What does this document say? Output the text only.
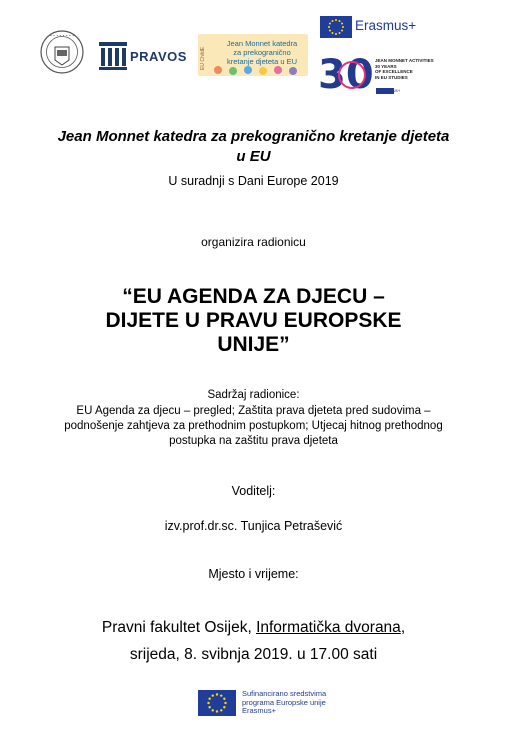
• • • • • • • •
PRAVOS	EU ChildE
Jean Monnet katedra
za prekogranično
kretanje djeteta u EU 30
Erasmus+
JEAN MONNET ACTIVITIES
30 YEARS
OF EXCELLENCE
IN EU STUDIES
Erasmus+
Jean Monnet katedra za prekogranično kretanje djeteta
u EU
U suradnji s Dani Europe 2019
organizira radionicu
“EU AGENDA ZA DJECU –
DIJETE U PRAVU EUROPSKE
UNIJE”
Sadržaj radionice:
EU Agenda za djecu – pregled; Zaštita prava djeteta pred sudovima – podnošenje zahtjeva za prethodnim postupkom; Utjecaj hitnog prethodnog postupka na zaštitu prava djeteta
Voditelj:
izv.prof.dr.sc. Tunjica Petrašević
Mjesto i vrijeme:
Pravni fakultet Osijek, Informatička dvorana,
srijeda, 8. svibnja 2019. u 17.00 sati
Sufinancirano sredstvima
programa Europske unije
Erasmus+
